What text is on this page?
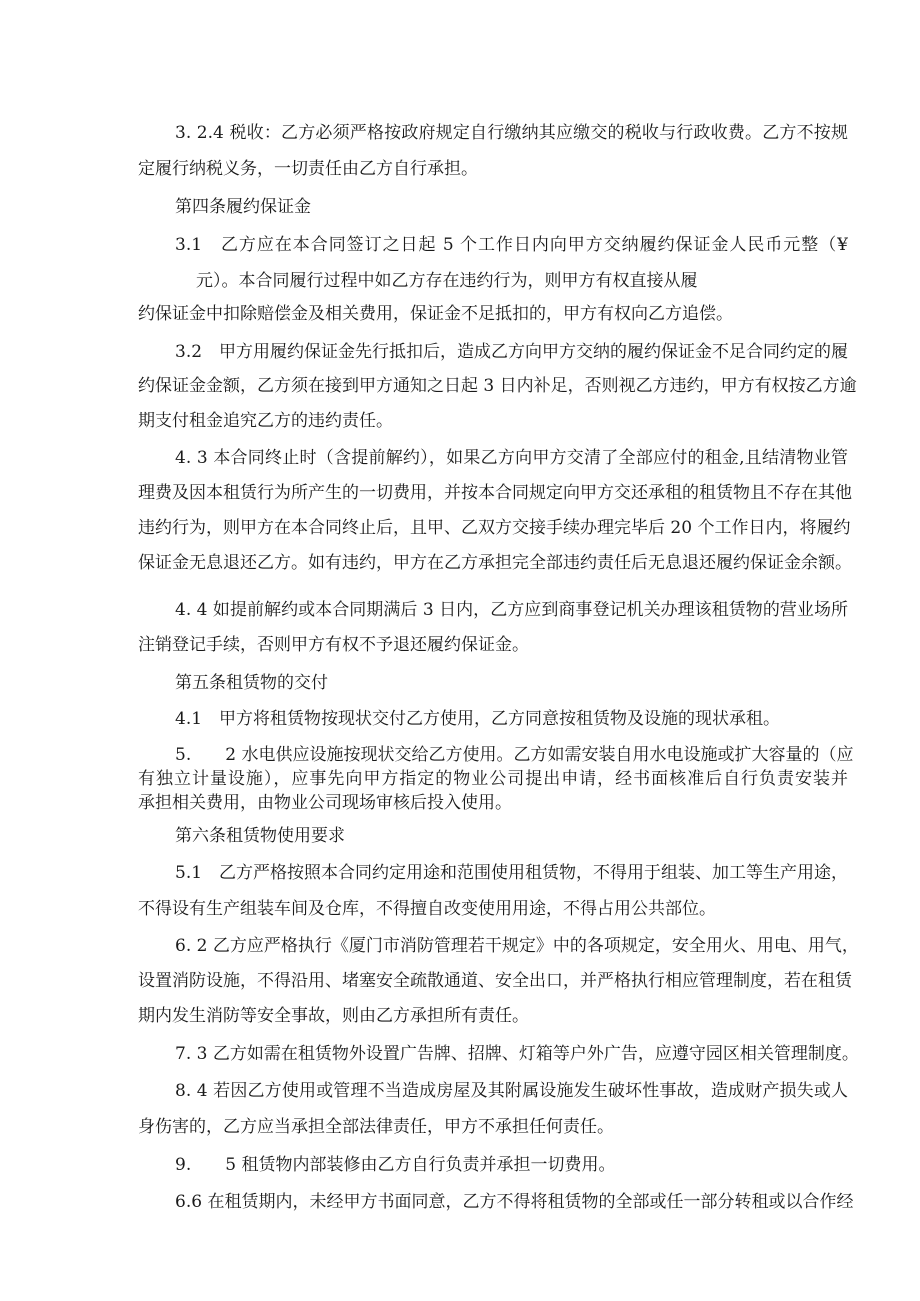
3. 2.4 税收：乙方必须严格按政府规定自行缴纳其应缴交的税收与行政收费。乙方不按规
定履行纳税义务，一切责任由乙方自行承担。
第四条履约保证金
3.1　乙方应在本合同签订之日起 5 个工作日内向甲方交纳履约保证金人民币元整（¥
元）。本合同履行过程中如乙方存在违约行为，则甲方有权直接从履
约保证金中扣除赔偿金及相关费用，保证金不足抵扣的，甲方有权向乙方追偿。
3.2　甲方用履约保证金先行抵扣后，造成乙方向甲方交纳的履约保证金不足合同约定的履
约保证金金额，乙方须在接到甲方通知之日起 3 日内补足，否则视乙方违约，甲方有权按乙方逾
期支付租金追究乙方的违约责任。
4. 3 本合同终止时（含提前解约），如果乙方向甲方交清了全部应付的租金,且结清物业管
理费及因本租赁行为所产生的一切费用，并按本合同规定向甲方交还承租的租赁物且不存在其他
违约行为，则甲方在本合同终止后，且甲、乙双方交接手续办理完毕后 20 个工作日内，将履约
保证金无息退还乙方。如有违约，甲方在乙方承担完全部违约责任后无息退还履约保证金余额。
4. 4 如提前解约或本合同期满后 3 日内，乙方应到商事登记机关办理该租赁物的营业场所
注销登记手续，否则甲方有权不予退还履约保证金。
第五条租赁物的交付
4.1　甲方将租赁物按现状交付乙方使用，乙方同意按租赁物及设施的现状承租。
5.　　2 水电供应设施按现状交给乙方使用。乙方如需安装自用水电设施或扩大容量的（应
有独立计量设施），应事先向甲方指定的物业公司提出申请，经书面核准后自行负责安装并
承担相关费用，由物业公司现场审核后投入使用。
第六条租赁物使用要求
5.1　乙方严格按照本合同约定用途和范围使用租赁物，不得用于组装、加工等生产用途，
不得设有生产组装车间及仓库，不得擅自改变使用用途，不得占用公共部位。
6. 2 乙方应严格执行《厦门市消防管理若干规定》中的各项规定，安全用火、用电、用气，
设置消防设施，不得沿用、堵塞安全疏散通道、安全出口，并严格执行相应管理制度，若在租赁
期内发生消防等安全事故，则由乙方承担所有责任。
7. 3 乙方如需在租赁物外设置广告牌、招牌、灯箱等户外广告，应遵守园区相关管理制度。
8. 4 若因乙方使用或管理不当造成房屋及其附属设施发生破坏性事故，造成财产损失或人
身伤害的，乙方应当承担全部法律责任，甲方不承担任何责任。
9.　　5 租赁物内部装修由乙方自行负责并承担一切费用。
6.6 在租赁期内，未经甲方书面同意，乙方不得将租赁物的全部或任一部分转租或以合作经
